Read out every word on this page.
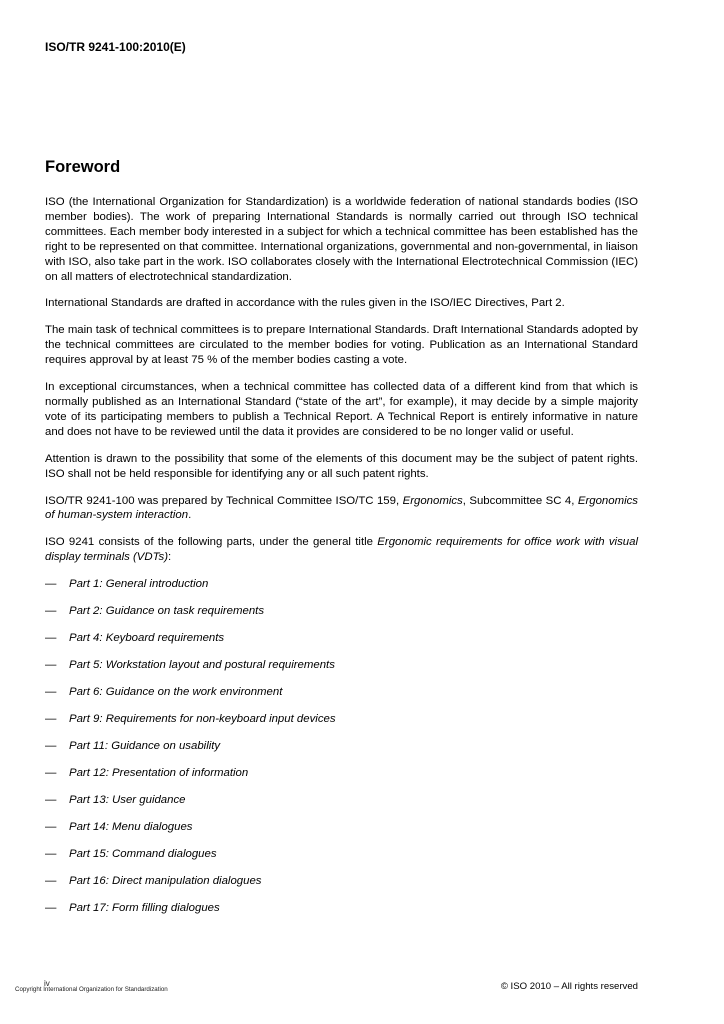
ISO/TR 9241-100:2010(E)
Foreword

ISO (the International Organization for Standardization) is a worldwide federation of national standards bodies (ISO member bodies). The work of preparing International Standards is normally carried out through ISO technical committees. Each member body interested in a subject for which a technical committee has been established has the right to be represented on that committee. International organizations, governmental and non-governmental, in liaison with ISO, also take part in the work. ISO collaborates closely with the International Electrotechnical Commission (IEC) on all matters of electrotechnical standardization.

International Standards are drafted in accordance with the rules given in the ISO/IEC Directives, Part 2.

The main task of technical committees is to prepare International Standards. Draft International Standards adopted by the technical committees are circulated to the member bodies for voting. Publication as an International Standard requires approval by at least 75 % of the member bodies casting a vote.

In exceptional circumstances, when a technical committee has collected data of a different kind from that which is normally published as an International Standard (“state of the art”, for example), it may decide by a simple majority vote of its participating members to publish a Technical Report. A Technical Report is entirely informative in nature and does not have to be reviewed until the data it provides are considered to be no longer valid or useful.

Attention is drawn to the possibility that some of the elements of this document may be the subject of patent rights. ISO shall not be held responsible for identifying any or all such patent rights.

ISO/TR 9241-100 was prepared by Technical Committee ISO/TC 159, Ergonomics, Subcommittee SC 4, Ergonomics of human-system interaction.

ISO 9241 consists of the following parts, under the general title Ergonomic requirements for office work with visual display terminals (VDTs):

— Part 1: General introduction
— Part 2: Guidance on task requirements
— Part 4: Keyboard requirements
— Part 5: Workstation layout and postural requirements
— Part 6: Guidance on the work environment
— Part 9: Requirements for non-keyboard input devices
— Part 11: Guidance on usability
— Part 12: Presentation of information
— Part 13: User guidance
— Part 14: Menu dialogues
— Part 15: Command dialogues
— Part 16: Direct manipulation dialogues
— Part 17: Form filling dialogues
iv
Copyright International Organization for Standardization	© ISO 2010 – All rights reserved
